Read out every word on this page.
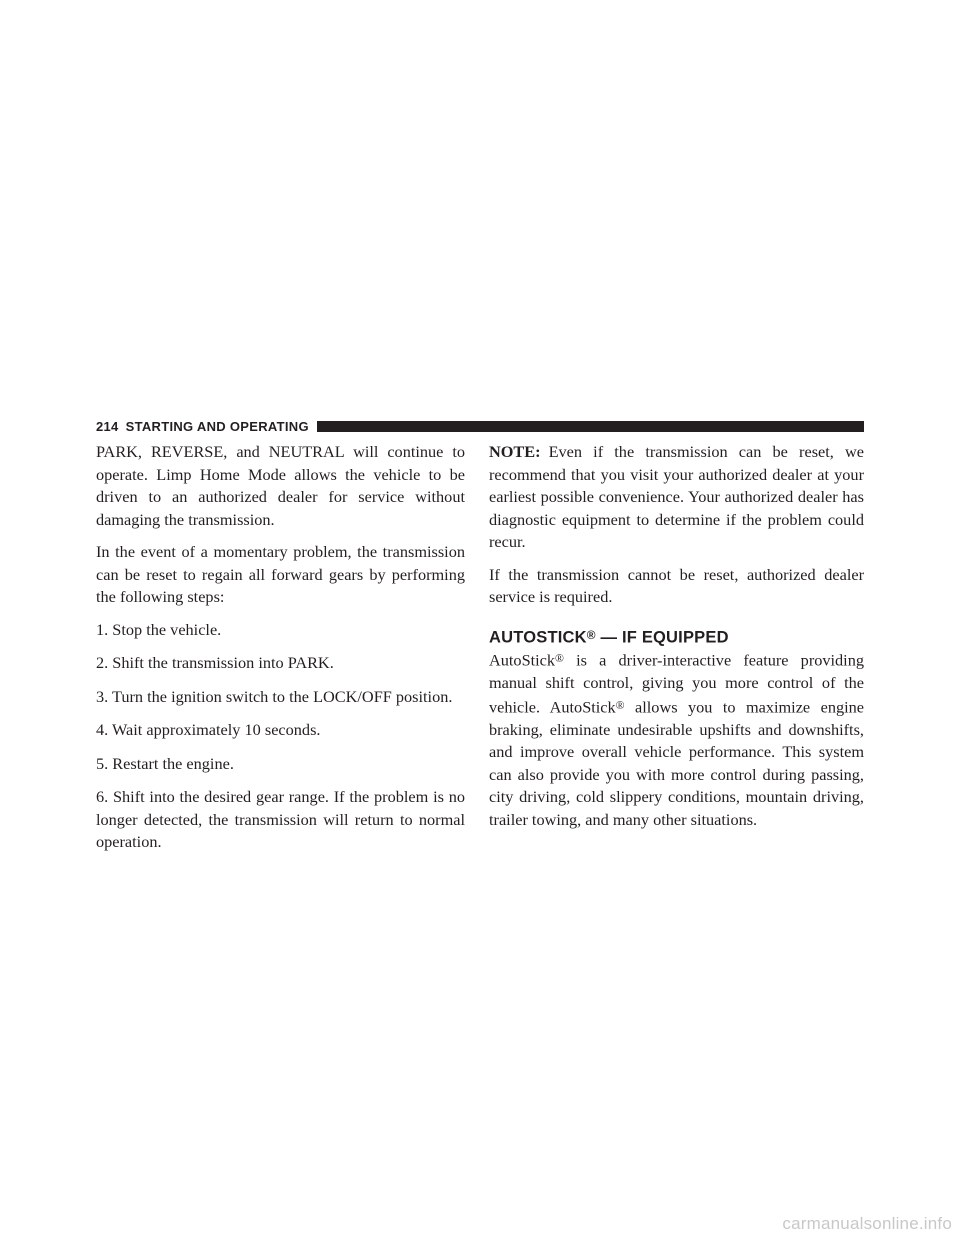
214 STARTING AND OPERATING

PARK, REVERSE, and NEUTRAL will continue to operate. Limp Home Mode allows the vehicle to be driven to an authorized dealer for service without damaging the transmission.

In the event of a momentary problem, the transmission can be reset to regain all forward gears by performing the following steps:

1. Stop the vehicle.

2. Shift the transmission into PARK.

3. Turn the ignition switch to the LOCK/OFF position.

4. Wait approximately 10 seconds.

5. Restart the engine.

6. Shift into the desired gear range. If the problem is no longer detected, the transmission will return to normal operation.

NOTE: Even if the transmission can be reset, we recommend that you visit your authorized dealer at your earliest possible convenience. Your authorized dealer has diagnostic equipment to determine if the problem could recur.

If the transmission cannot be reset, authorized dealer service is required.

AUTOSTICK® — IF EQUIPPED

AutoStick® is a driver-interactive feature providing manual shift control, giving you more control of the vehicle. AutoStick® allows you to maximize engine braking, eliminate undesirable upshifts and downshifts, and improve overall vehicle performance. This system can also provide you with more control during passing, city driving, cold slippery conditions, mountain driving, trailer towing, and many other situations.

carmanualsonline.info
